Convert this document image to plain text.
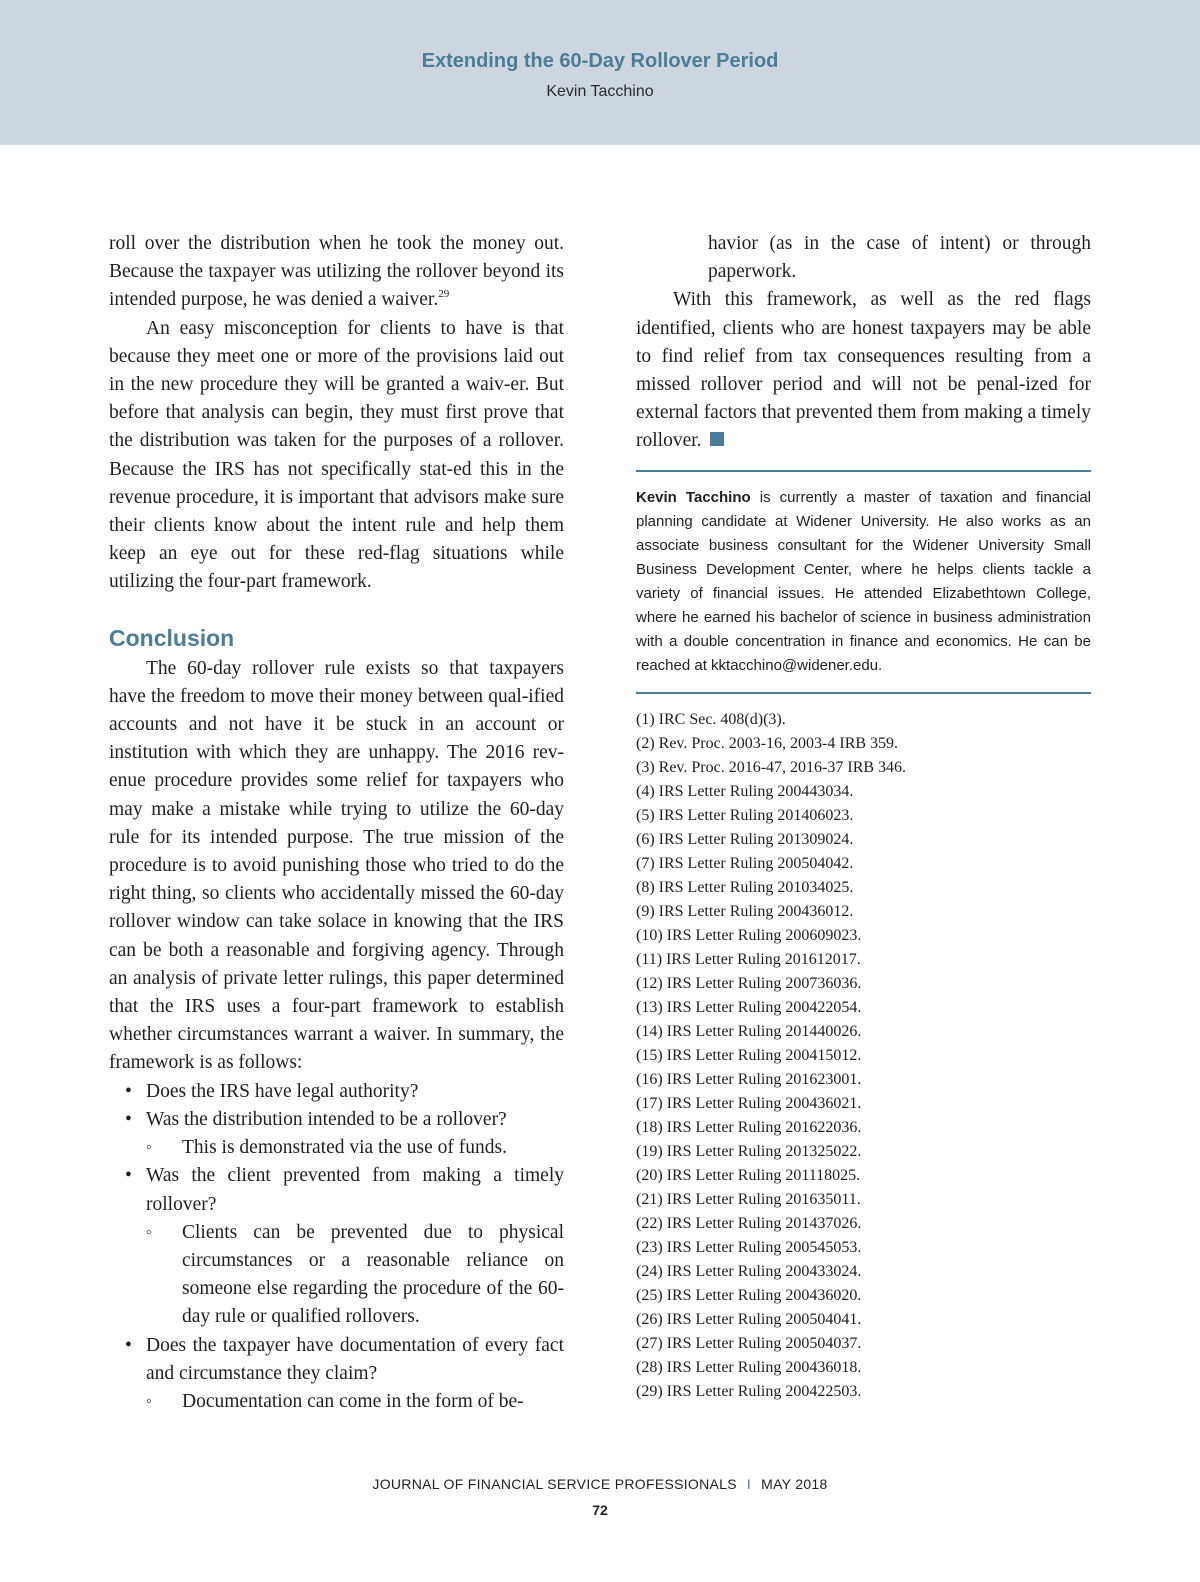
Extending the 60-Day Rollover Period
Kevin Tacchino

roll over the distribution when he took the money out. Because the taxpayer was utilizing the rollover beyond its intended purpose, he was denied a waiver.$^{29}$

An easy misconception for clients to have is that because they meet one or more of the provisions laid out in the new procedure they will be granted a waiv-er. But before that analysis can begin, they must first prove that the distribution was taken for the purposes of a rollover. Because the IRS has not specifically stat-ed this in the revenue procedure, it is important that advisors make sure their clients know about the intent rule and help them keep an eye out for these red-flag situations while utilizing the four-part framework.

Conclusion

The 60-day rollover rule exists so that taxpayers have the freedom to move their money between qual-ified accounts and not have it be stuck in an account or institution with which they are unhappy. The 2016 rev-enue procedure provides some relief for taxpayers who may make a mistake while trying to utilize the 60-day rule for its intended purpose. The true mission of the procedure is to avoid punishing those who tried to do the right thing, so clients who accidentally missed the 60-day rollover window can take solace in knowing that the IRS can be both a reasonable and forgiving agency. Through an analysis of private letter rulings, this paper determined that the IRS uses a four-part framework to establish whether circumstances warrant a waiver. In summary, the framework is as follows:

• Does the IRS have legal authority?
• Was the distribution intended to be a rollover?
◦ This is demonstrated via the use of funds.
• Was the client prevented from making a timely rollover?
◦ Clients can be prevented due to physical circumstances or a reasonable reliance on someone else regarding the procedure of the 60-day rule or qualified rollovers.
• Does the taxpayer have documentation of every fact and circumstance they claim?
◦ Documentation can come in the form of be-

havior (as in the case of intent) or through paperwork.

With this framework, as well as the red flags identified, clients who are honest taxpayers may be able to find relief from tax consequences resulting from a missed rollover period and will not be penal-ized for external factors that prevented them from making a timely rollover.

Kevin Tacchino is currently a master of taxation and financial planning candidate at Widener University. He also works as an associate business consultant for the Widener University Small Business Development Center, where he helps clients tackle a variety of financial issues. He attended Elizabethtown College, where he earned his bachelor of science in business administration with a double concentration in finance and economics. He can be reached at kktacchino@widener.edu.

(1) IRC Sec. 408(d)(3).
(2) Rev. Proc. 2003-16, 2003-4 IRB 359.
(3) Rev. Proc. 2016-47, 2016-37 IRB 346.
(4) IRS Letter Ruling 200443034.
(5) IRS Letter Ruling 201406023.
(6) IRS Letter Ruling 201309024.
(7) IRS Letter Ruling 200504042.
(8) IRS Letter Ruling 201034025.
(9) IRS Letter Ruling 200436012.
(10) IRS Letter Ruling 200609023.
(11) IRS Letter Ruling 201612017.
(12) IRS Letter Ruling 200736036.
(13) IRS Letter Ruling 200422054.
(14) IRS Letter Ruling 201440026.
(15) IRS Letter Ruling 200415012.
(16) IRS Letter Ruling 201623001.
(17) IRS Letter Ruling 200436021.
(18) IRS Letter Ruling 201622036.
(19) IRS Letter Ruling 201325022.
(20) IRS Letter Ruling 201118025.
(21) IRS Letter Ruling 201635011.
(22) IRS Letter Ruling 201437026.
(23) IRS Letter Ruling 200545053.
(24) IRS Letter Ruling 200433024.
(25) IRS Letter Ruling 200436020.
(26) IRS Letter Ruling 200504041.
(27) IRS Letter Ruling 200504037.
(28) IRS Letter Ruling 200436018.
(29) IRS Letter Ruling 200422503.
JOURNAL OF FINANCIAL SERVICE PROFESSIONALS I MAY 2018
72
